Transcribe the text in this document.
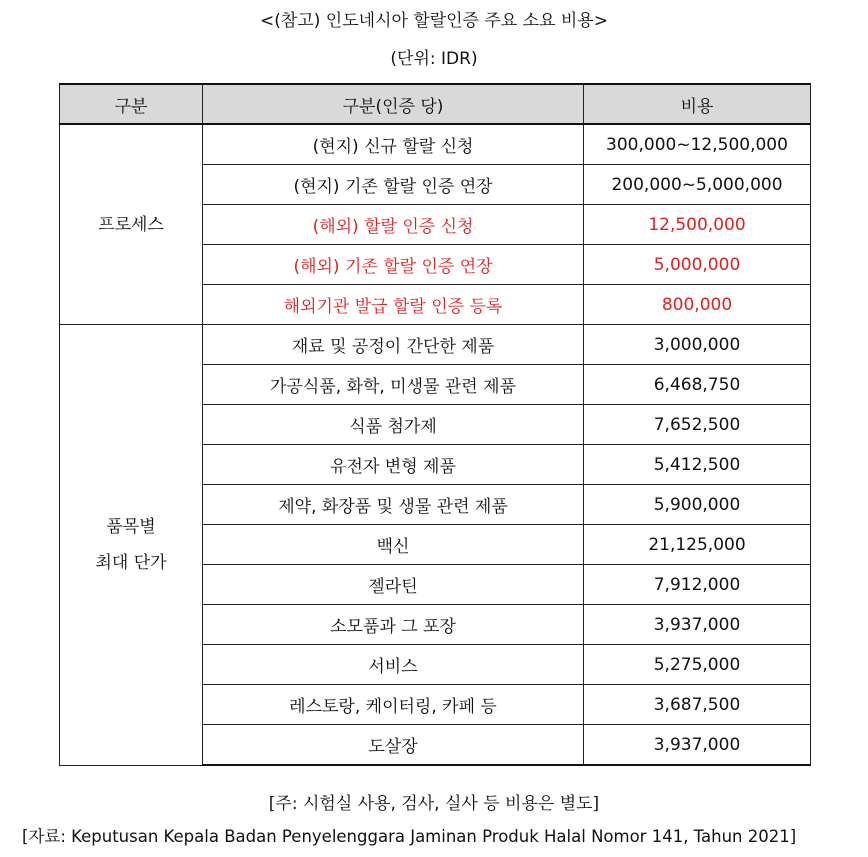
<(참고) 인도네시아 할랄인증 주요 소요 비용>
(단위: IDR)
구분	구분(인증 당)	비용

프로세스	(현지) 신규 할랄 신청	300,000~12,500,000
	(현지) 기존 할랄 인증 연장	200,000~5,000,000
	(해외) 할랄 인증 신청	12,500,000
	(해외) 기존 할랄 인증 연장	5,000,000
	해외기관 발급 할랄 인증 등록	800,000

품목별
최대 단가	재료 및 공정이 간단한 제품	3,000,000
	가공식품, 화학, 미생물 관련 제품	6,468,750
	식품 첨가제	7,652,500
	유전자 변형 제품	5,412,500
	제약, 화장품 및 생물 관련 제품	5,900,000
	백신	21,125,000
	젤라틴	7,912,000
	소모품과 그 포장	3,937,000
	서비스	5,275,000
	레스토랑, 케이터링, 카페 등	3,687,500
	도살장	3,937,000
[주: 시험실 사용, 검사, 실사 등 비용은 별도]
[자료: Keputusan Kepala Badan Penyelenggara Jaminan Produk Halal Nomor 141, Tahun 2021]
